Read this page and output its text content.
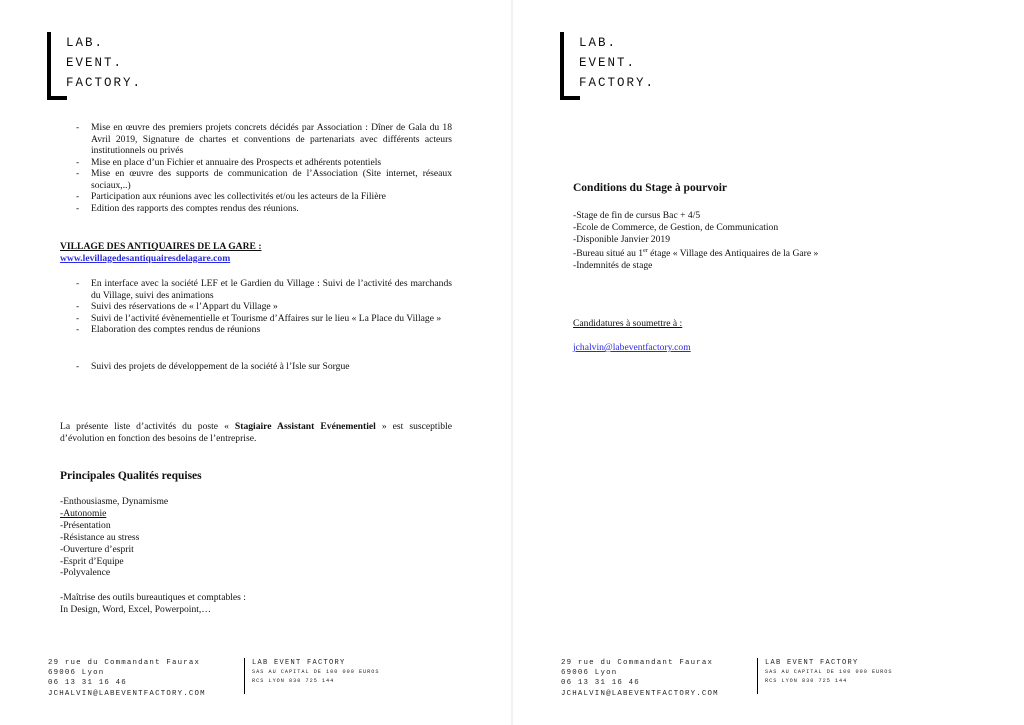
LAB.
EVENT.
FACTORY.
- Mise en œuvre des premiers projets concrets décidés par Association : Dîner de Gala du 18 Avril 2019, Signature de chartes et conventions de partenariats avec différents acteurs institutionnels ou privés
- Mise en place d’un Fichier et annuaire des Prospects et adhérents potentiels
- Mise en œuvre des supports de communication de l’Association (Site internet, réseaux sociaux,..)
- Participation aux réunions avec les collectivités et/ou les acteurs de la Filière
- Edition des rapports des comptes rendus des réunions.
VILLAGE DES ANTIQUAIRES DE LA GARE :
www.levillagedesantiquairesdelagare.com
- En interface avec la société LEF et le Gardien du Village : Suivi de l’activité des marchands du Village, suivi des animations
- Suivi des réservations de « l’Appart du Village »
- Suivi de l’activité évènementielle et Tourisme d’Affaires sur le lieu « La Place du Village »
- Elaboration des comptes rendus de réunions
- Suivi des projets de développement de la société à l’Isle sur Sorgue
La présente liste d’activités du poste « Stagiaire Assistant Evénementiel » est susceptible d’évolution en fonction des besoins de l’entreprise.
Principales Qualités requises
-Enthousiasme, Dynamisme
-Autonomie
-Présentation
-Résistance au stress
-Ouverture d’esprit
-Esprit d’Equipe
-Polyvalence
-Maîtrise des outils bureautiques et comptables :
In Design, Word, Excel, Powerpoint,…
29 rue du Commandant Faurax
69006 Lyon
06 13 31 16 46
JCHALVIN@LABEVENTFACTORY.COM
LAB EVENT FACTORY
SAS AU CAPITAL DE 100 000 EUROS
RCS LYON 830 725 144
LAB.
EVENT.
FACTORY.
Conditions du Stage à pourvoir
-Stage de fin de cursus Bac + 4/5
-Ecole de Commerce, de Gestion, de Communication
-Disponible Janvier 2019
-Bureau situé au 1er étage « Village des Antiquaires de la Gare »
-Indemnités de stage
Candidatures à soumettre à :
jchalvin@labeventfactory.com
29 rue du Commandant Faurax
69006 Lyon
06 13 31 16 46
JCHALVIN@LABEVENTFACTORY.COM
LAB EVENT FACTORY
SAS AU CAPITAL DE 100 000 EUROS
RCS LYON 830 725 144
